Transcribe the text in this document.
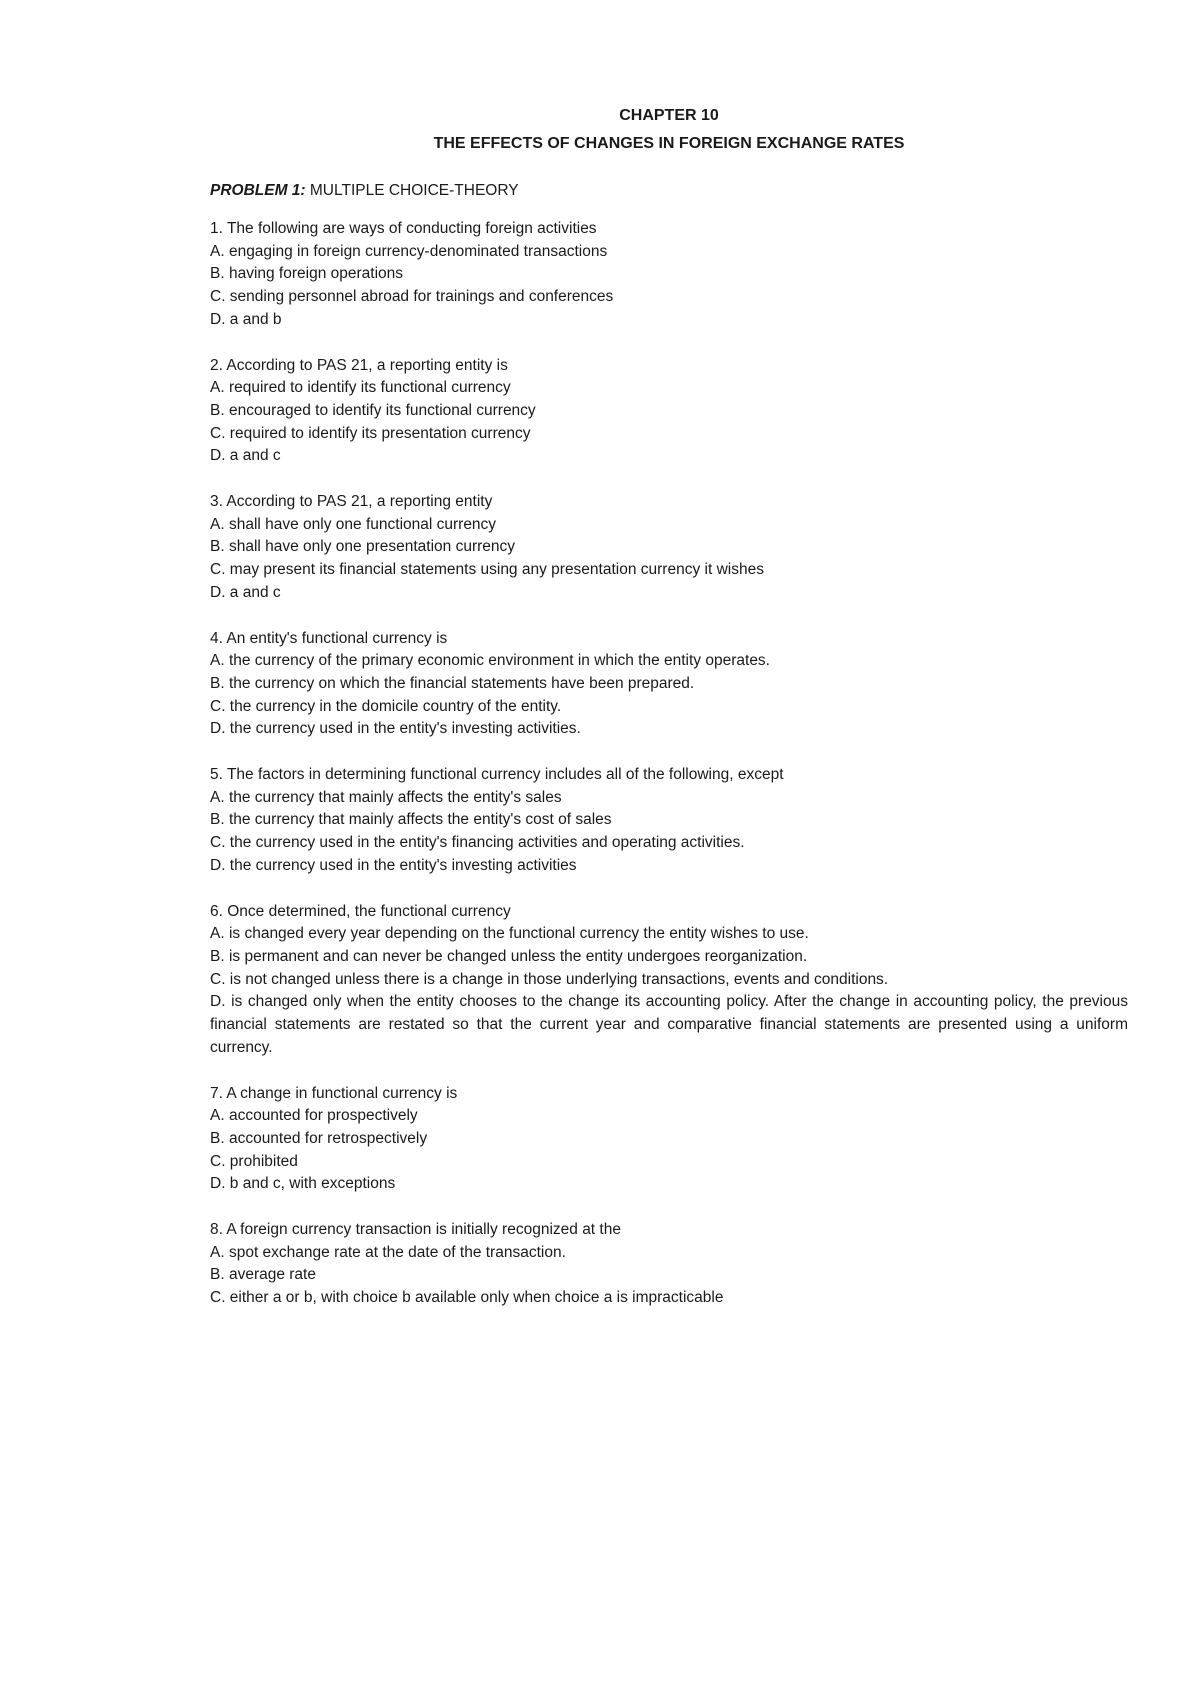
CHAPTER 10

THE EFFECTS OF CHANGES IN FOREIGN EXCHANGE RATES

PROBLEM 1: MULTIPLE CHOICE-THEORY

1. The following are ways of conducting foreign activities

A. engaging in foreign currency-denominated transactions

B. having foreign operations

C. sending personnel abroad for trainings and conferences

D. a and b

2. According to PAS 21, a reporting entity is

A. required to identify its functional currency

B. encouraged to identify its functional currency

C. required to identify its presentation currency

D. a and c

3. According to PAS 21, a reporting entity

A. shall have only one functional currency

B. shall have only one presentation currency

C. may present its financial statements using any presentation currency it wishes

D. a and c

4. An entity's functional currency is

A. the currency of the primary economic environment in which the entity operates.

B. the currency on which the financial statements have been prepared.

C. the currency in the domicile country of the entity.

D. the currency used in the entity's investing activities.

5. The factors in determining functional currency includes all of the following, except

A. the currency that mainly affects the entity's sales

B. the currency that mainly affects the entity's cost of sales

C. the currency used in the entity's financing activities and operating activities.

D. the currency used in the entity's investing activities

6. Once determined, the functional currency

A. is changed every year depending on the functional currency the entity wishes to use.

B. is permanent and can never be changed unless the entity undergoes reorganization.

C. is not changed unless there is a change in those underlying transactions, events and conditions.

D. is changed only when the entity chooses to the change its accounting policy. After the change in accounting policy, the previous financial statements are restated so that the current year and comparative financial statements are presented using a uniform currency.

7. A change in functional currency is

A. accounted for prospectively

B. accounted for retrospectively

C. prohibited

D. b and c, with exceptions

8. A foreign currency transaction is initially recognized at the

A. spot exchange rate at the date of the transaction.

B. average rate

C. either a or b, with choice b available only when choice a is impracticable
